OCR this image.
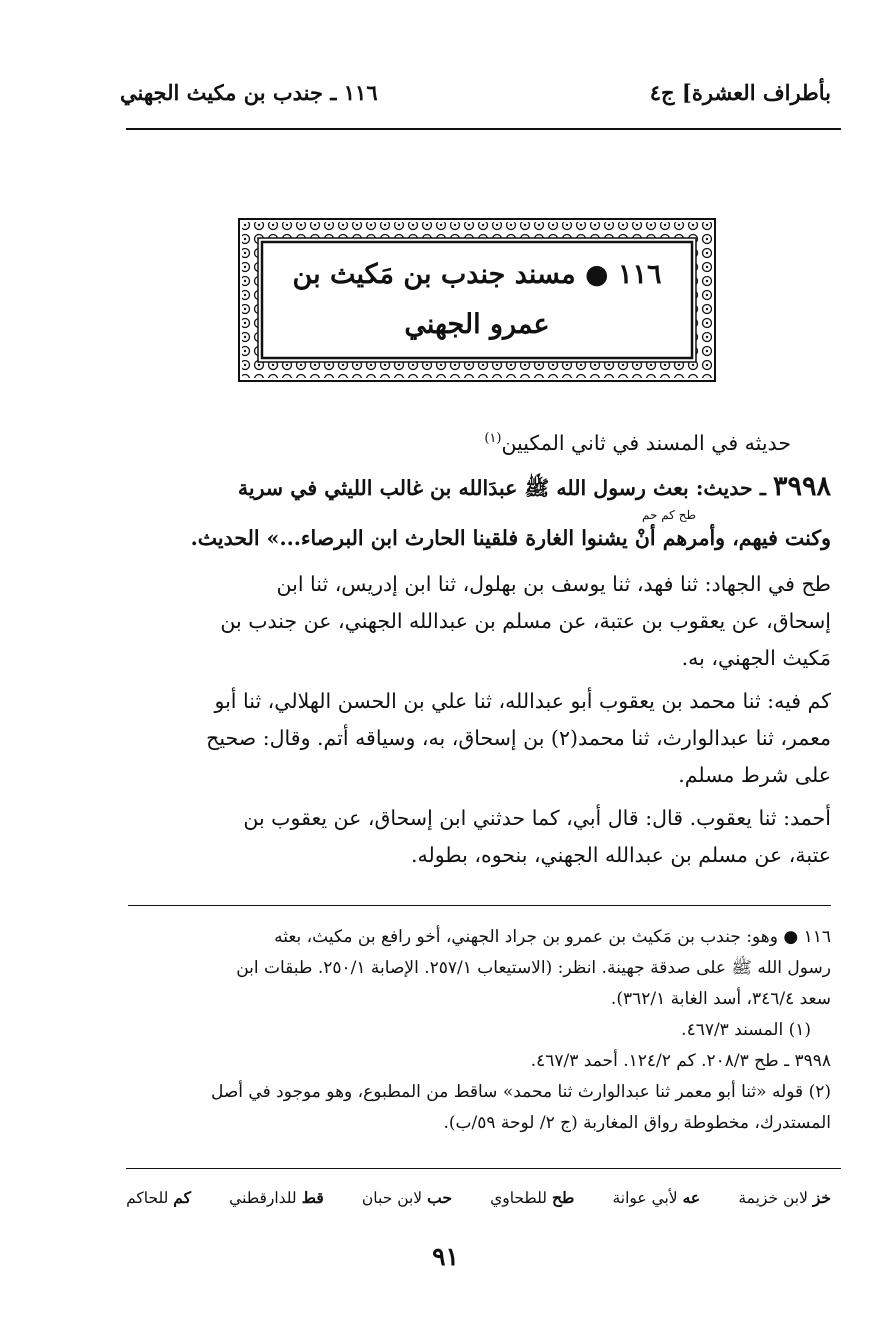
بأطراف العشرة] ج٤
١١٦ ـ جندب بن مكيث الجهني
١١٦ ● مسند جندب بن مَكيث بن
عمرو الجهني
حديثه في المسند في ثاني المكيين$^{(١)}$
٣٩٩٨ ـ حديث: بعث رسول الله ﷺ عبدَالله بن غالب الليثي في سرية
طح كم حم
وكنت فيهم، وأمرهم أنْ يشنوا الغارة فلقينا الحارث ابن البرصاء...» الحديث.
طح في الجهاد: ثنا فهد، ثنا يوسف بن بهلول، ثنا ابن إدريس، ثنا ابن
إسحاق، عن يعقوب بن عتبة، عن مسلم بن عبدالله الجهني، عن جندب بن
مَكيث الجهني، به.
كم فيه: ثنا محمد بن يعقوب أبو عبدالله، ثنا علي بن الحسن الهلالي، ثنا أبو
معمر، ثنا عبدالوارث، ثنا محمد(٢) بن إسحاق، به، وسياقه أتم. وقال: صحيح
على شرط مسلم.
أحمد: ثنا يعقوب. قال: قال أبي، كما حدثني ابن إسحاق، عن يعقوب بن
عتبة، عن مسلم بن عبدالله الجهني، بنحوه، بطوله.
١١٦ ● وهو: جندب بن مَكيث بن عمرو بن جراد الجهني، أخو رافع بن مكيث، بعثه
رسول الله ﷺ على صدقة جهينة. انظر: (الاستيعاب ٢٥٧/١. الإصابة ٢٥٠/١. طبقات ابن
سعد ٣٤٦/٤، أسد الغابة ٣٦٢/١).
(١) المسند ٤٦٧/٣.
٣٩٩٨ ـ طح ٢٠٨/٣. كم ١٢٤/٢. أحمد ٤٦٧/٣.
(٢) قوله «ثنا أبو معمر ثنا عبدالوارث ثنا محمد» ساقط من المطبوع، وهو موجود في أصل
المستدرك، مخطوطة رواق المغاربة (ج ٢/ لوحة ٥٩/ب).
خز لابن خزيمة
عه لأبي عوانة
طح للطحاوي
حب لابن حبان
قط للدارقطني
كم للحاكم
٩١
